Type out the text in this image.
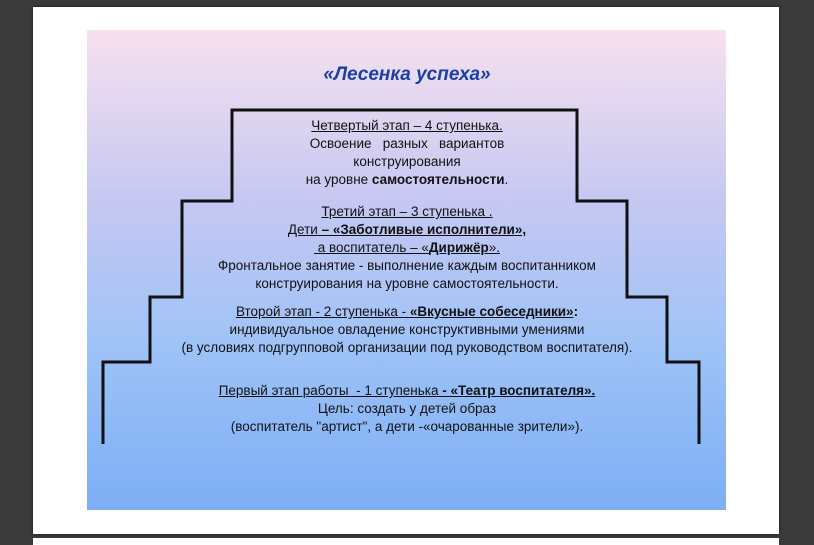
«Лесенка успеха»
Четвертый этап – 4 ступенька.
Освоение   разных   вариантов
конструирования
на уровне самостоятельности.
Третий этап – 3 ступенька .
Дети – «Заботливые исполнители»,
а воспитатель – «Дирижёр».
Фронтальное занятие - выполнение каждым воспитанником
конструирования на уровне самостоятельности.
Второй этап - 2 ступенька - «Вкусные собеседники»:
индивидуальное овладение конструктивными умениями
(в условиях подгрупповой организации под руководством воспитателя).
Первый этап работы  - 1 ступенька - «Театр воспитателя».
Цель: создать у детей образ
(воспитатель "артист", а дети -«очарованные зрители»).
